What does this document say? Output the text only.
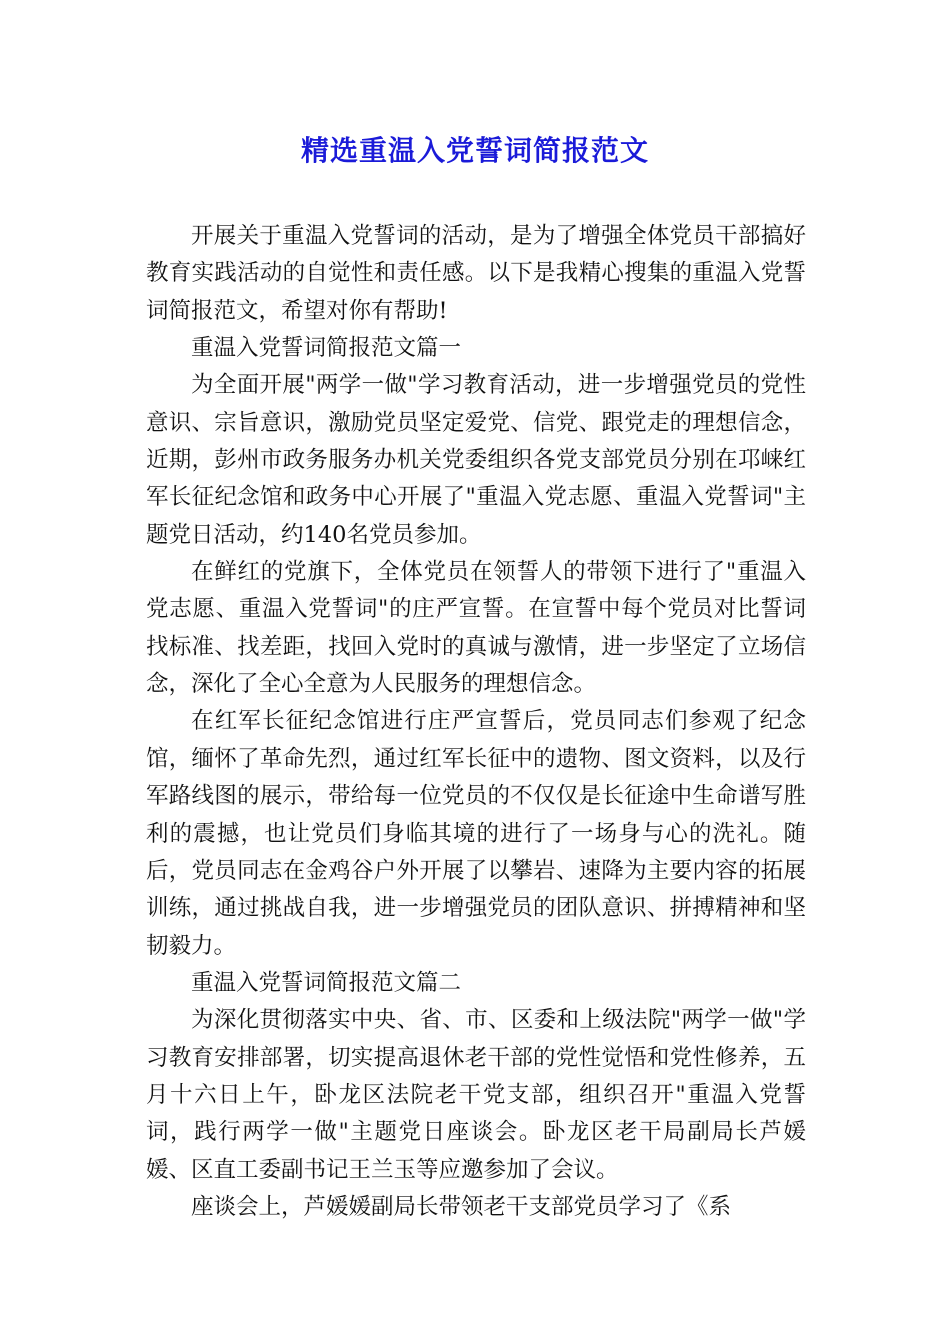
精选重温入党誓词简报范文

开展关于重温入党誓词的活动，是为了增强全体党员干部搞好教育实践活动的自觉性和责任感。以下是我精心搜集的重温入党誓词简报范文，希望对你有帮助!

重温入党誓词简报范文篇一

为全面开展"两学一做"学习教育活动，进一步增强党员的党性意识、宗旨意识，激励党员坚定爱党、信党、跟党走的理想信念，近期，彭州市政务服务办机关党委组织各党支部党员分别在邛崃红军长征纪念馆和政务中心开展了"重温入党志愿、重温入党誓词"主题党日活动，约140名党员参加。

在鲜红的党旗下，全体党员在领誓人的带领下进行了"重温入党志愿、重温入党誓词"的庄严宣誓。在宣誓中每个党员对比誓词找标准、找差距，找回入党时的真诚与激情，进一步坚定了立场信念，深化了全心全意为人民服务的理想信念。

在红军长征纪念馆进行庄严宣誓后，党员同志们参观了纪念馆，缅怀了革命先烈，通过红军长征中的遗物、图文资料，以及行军路线图的展示，带给每一位党员的不仅仅是长征途中生命谱写胜利的震撼，也让党员们身临其境的进行了一场身与心的洗礼。随后，党员同志在金鸡谷户外开展了以攀岩、速降为主要内容的拓展训练，通过挑战自我，进一步增强党员的团队意识、拼搏精神和坚韧毅力。

重温入党誓词简报范文篇二

为深化贯彻落实中央、省、市、区委和上级法院"两学一做"学习教育安排部署，切实提高退休老干部的党性觉悟和党性修养，五月十六日上午，卧龙区法院老干党支部，组织召开"重温入党誓词，践行两学一做"主题党日座谈会。卧龙区老干局副局长芦媛媛、区直工委副书记王兰玉等应邀参加了会议。

座谈会上，芦媛媛副局长带领老干支部党员学习了《系
